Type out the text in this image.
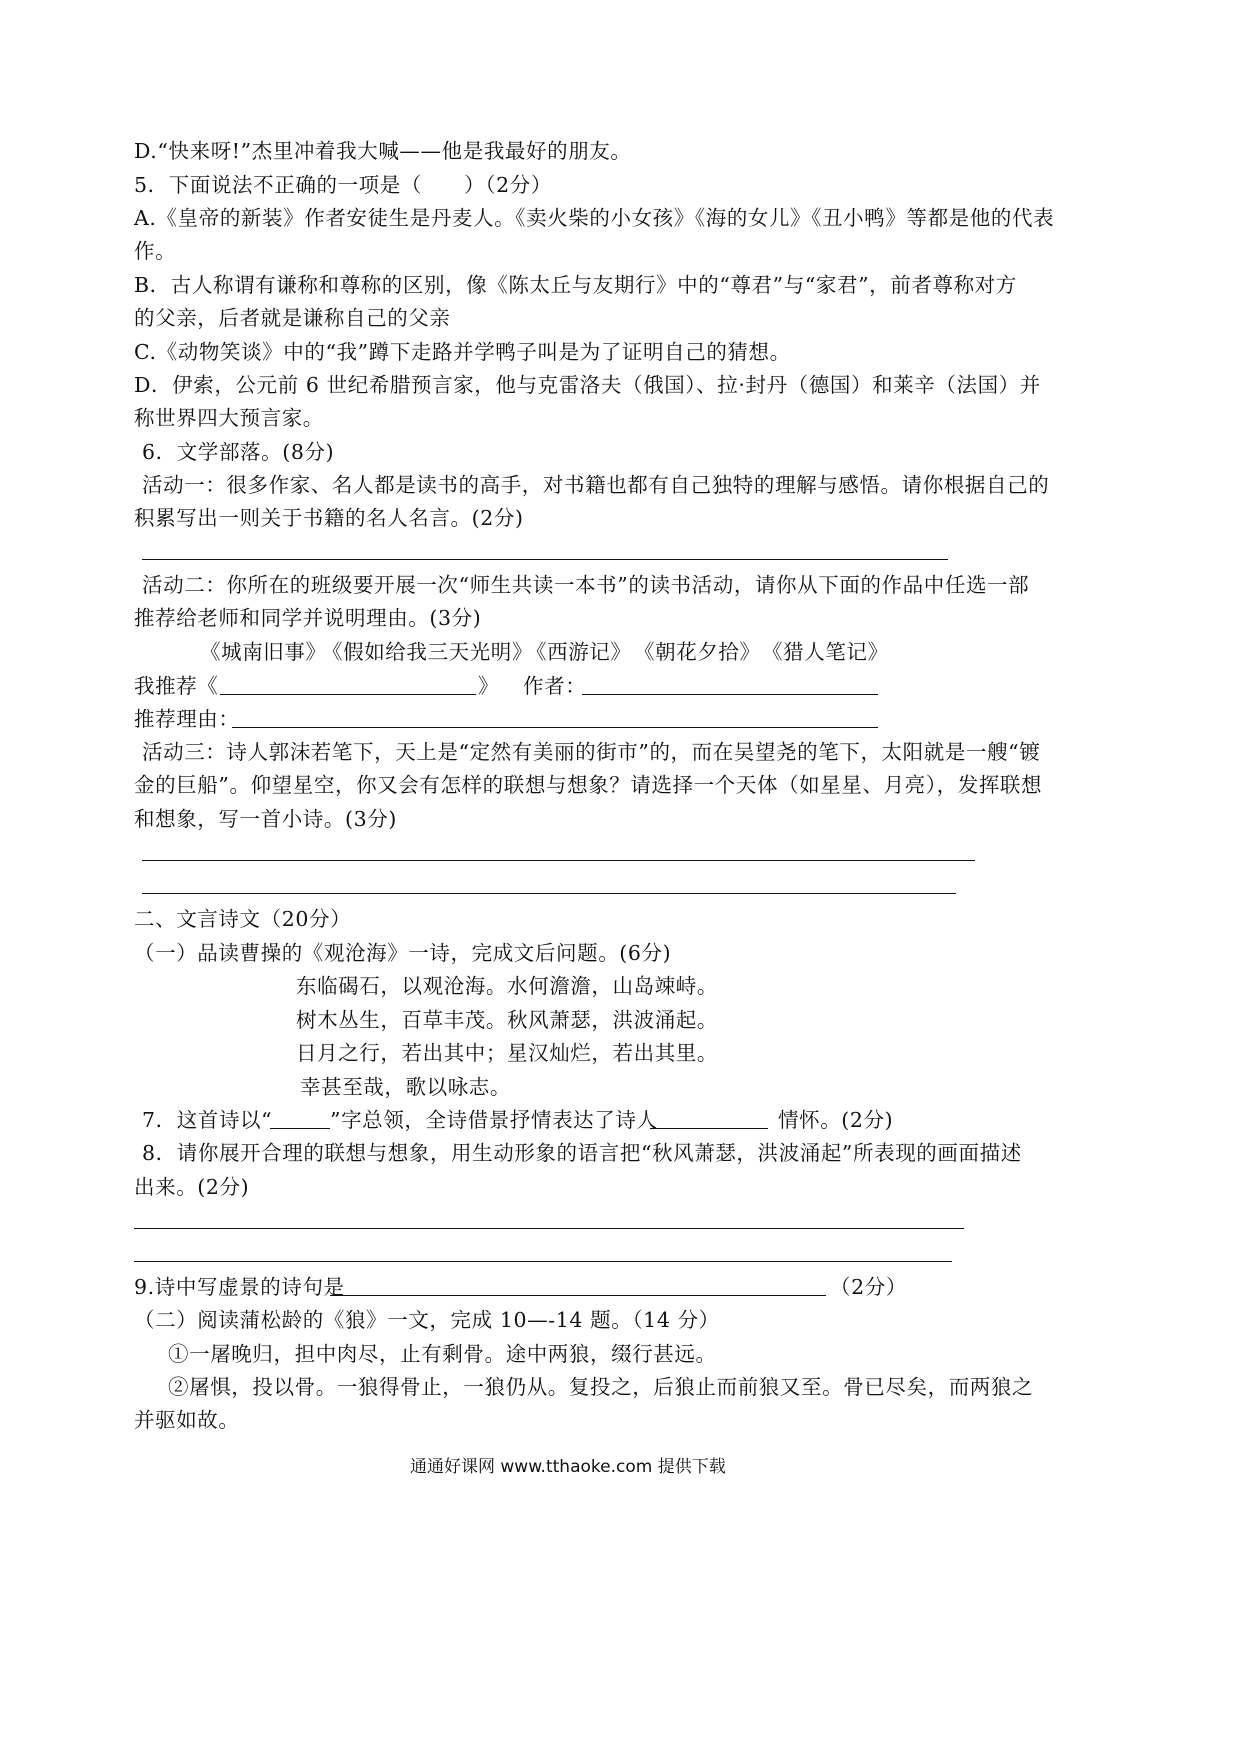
D.“快来呀!”杰里冲着我大喊——他是我最好的朋友。
5．下面说法不正确的一项是（　　）（2分）
A.《皇帝的新装》作者安徒生是丹麦人。《卖火柴的小女孩》《海的女儿》《丑小鸭》等都是他的代表
作。
B．古人称谓有谦称和尊称的区别，像《陈太丘与友期行》中的“尊君”与“家君”，前者尊称对方
的父亲，后者就是谦称自己的父亲
C.《动物笑谈》中的“我”蹲下走路并学鸭子叫是为了证明自己的猜想。
D．伊索，公元前 6 世纪希腊预言家，他与克雷洛夫（俄国）、拉·封丹（德国）和莱辛（法国）并
称世界四大预言家。
6．文学部落。(8分)
活动一：很多作家、名人都是读书的高手，对书籍也都有自己独特的理解与感悟。请你根据自己的
积累写出一则关于书籍的名人名言。(2分)
活动二：你所在的班级要开展一次“师生共读一本书”的读书活动，请你从下面的作品中任选一部
推荐给老师和同学并说明理由。(3分)
《城南旧事》
《假如给我三天光明》
《西游记》 《朝花夕拾》 《猎人笔记》
我推荐《	》 作者：
推荐理由：
活动三：诗人郭沫若笔下，天上是“定然有美丽的街市”的，而在吴望尧的笔下，太阳就是一艘“镀
金的巨船”。仰望星空，你又会有怎样的联想与想象？请选择一个天体（如星星、月亮），发挥联想
和想象，写一首小诗。(3分)
二、文言诗文（20分）
（一）品读曹操的《观沧海》一诗，完成文后问题。(6分)
东临碣石，以观沧海。水何澹澹，山岛竦峙。
树木丛生，百草丰茂。秋风萧瑟，洪波涌起。
日月之行，若出其中；星汉灿烂，若出其里。
幸甚至哉，歌以咏志。
7．这首诗以“	”字总领，全诗借景抒情表达了诗人	情怀。(2分)
8．请你展开合理的联想与想象，用生动形象的语言把“秋风萧瑟，洪波涌起”所表现的画面描述
出来。(2分)
9.诗中写虚景的诗句是	（2分）
（二）阅读蒲松龄的《狼》一文，完成 10—-14 题。（14 分）
①一屠晚归，担中肉尽，止有剩骨。途中两狼，缀行甚远。
②屠惧，投以骨。一狼得骨止，一狼仍从。复投之，后狼止而前狼又至。骨已尽矣，而两狼之
并驱如故。
通通好课网 www.tthaoke.com 提供下载
